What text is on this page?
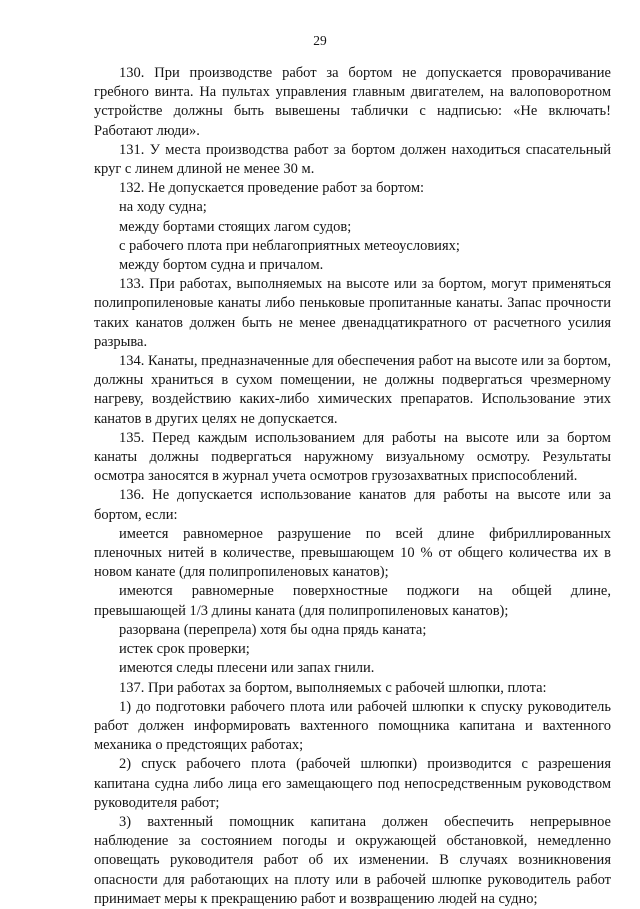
29

130. При производстве работ за бортом не допускается проворачивание гребного винта. На пультах управления главным двигателем, на валоповоротном устройстве должны быть вывешены таблички с надписью: «Не включать! Работают люди».

131. У места производства работ за бортом должен находиться спасательный круг с линем длиной не менее 30 м.

132. Не допускается проведение работ за бортом:

на ходу судна;

между бортами стоящих лагом судов;

с рабочего плота при неблагоприятных метеоусловиях;

между бортом судна и причалом.

133. При работах, выполняемых на высоте или за бортом, могут применяться полипропиленовые канаты либо пеньковые пропитанные канаты. Запас прочности таких канатов должен быть не менее двенадцатикратного от расчетного усилия разрыва.

134. Канаты, предназначенные для обеспечения работ на высоте или за бортом, должны храниться в сухом помещении, не должны подвергаться чрезмерному нагреву, воздействию каких-либо химических препаратов. Использование этих канатов в других целях не допускается.

135. Перед каждым использованием для работы на высоте или за бортом канаты должны подвергаться наружному визуальному осмотру. Результаты осмотра заносятся в журнал учета осмотров грузозахватных приспособлений.

136. Не допускается использование канатов для работы на высоте или за бортом, если:

имеется равномерное разрушение по всей длине фибриллированных пленочных нитей в количестве, превышающем 10 % от общего количества их в новом канате (для полипропиленовых канатов);

имеются равномерные поверхностные поджоги на общей длине, превышающей 1/3 длины каната (для полипропиленовых канатов);

разорвана (перепрела) хотя бы одна прядь каната;

истек срок проверки;

имеются следы плесени или запах гнили.

137. При работах за бортом, выполняемых с рабочей шлюпки, плота:

1) до подготовки рабочего плота или рабочей шлюпки к спуску руководитель работ должен информировать вахтенного помощника капитана и вахтенного механика о предстоящих работах;

2) спуск рабочего плота (рабочей шлюпки) производится с разрешения капитана судна либо лица его замещающего под непосредственным руководством руководителя работ;

3) вахтенный помощник капитана должен обеспечить непрерывное наблюдение за состоянием погоды и окружающей обстановкой, немедленно оповещать руководителя работ об их изменении. В случаях возникновения опасности для работающих на плоту или в рабочей шлюпке руководитель работ принимает меры к прекращению работ и возвращению людей на судно;
